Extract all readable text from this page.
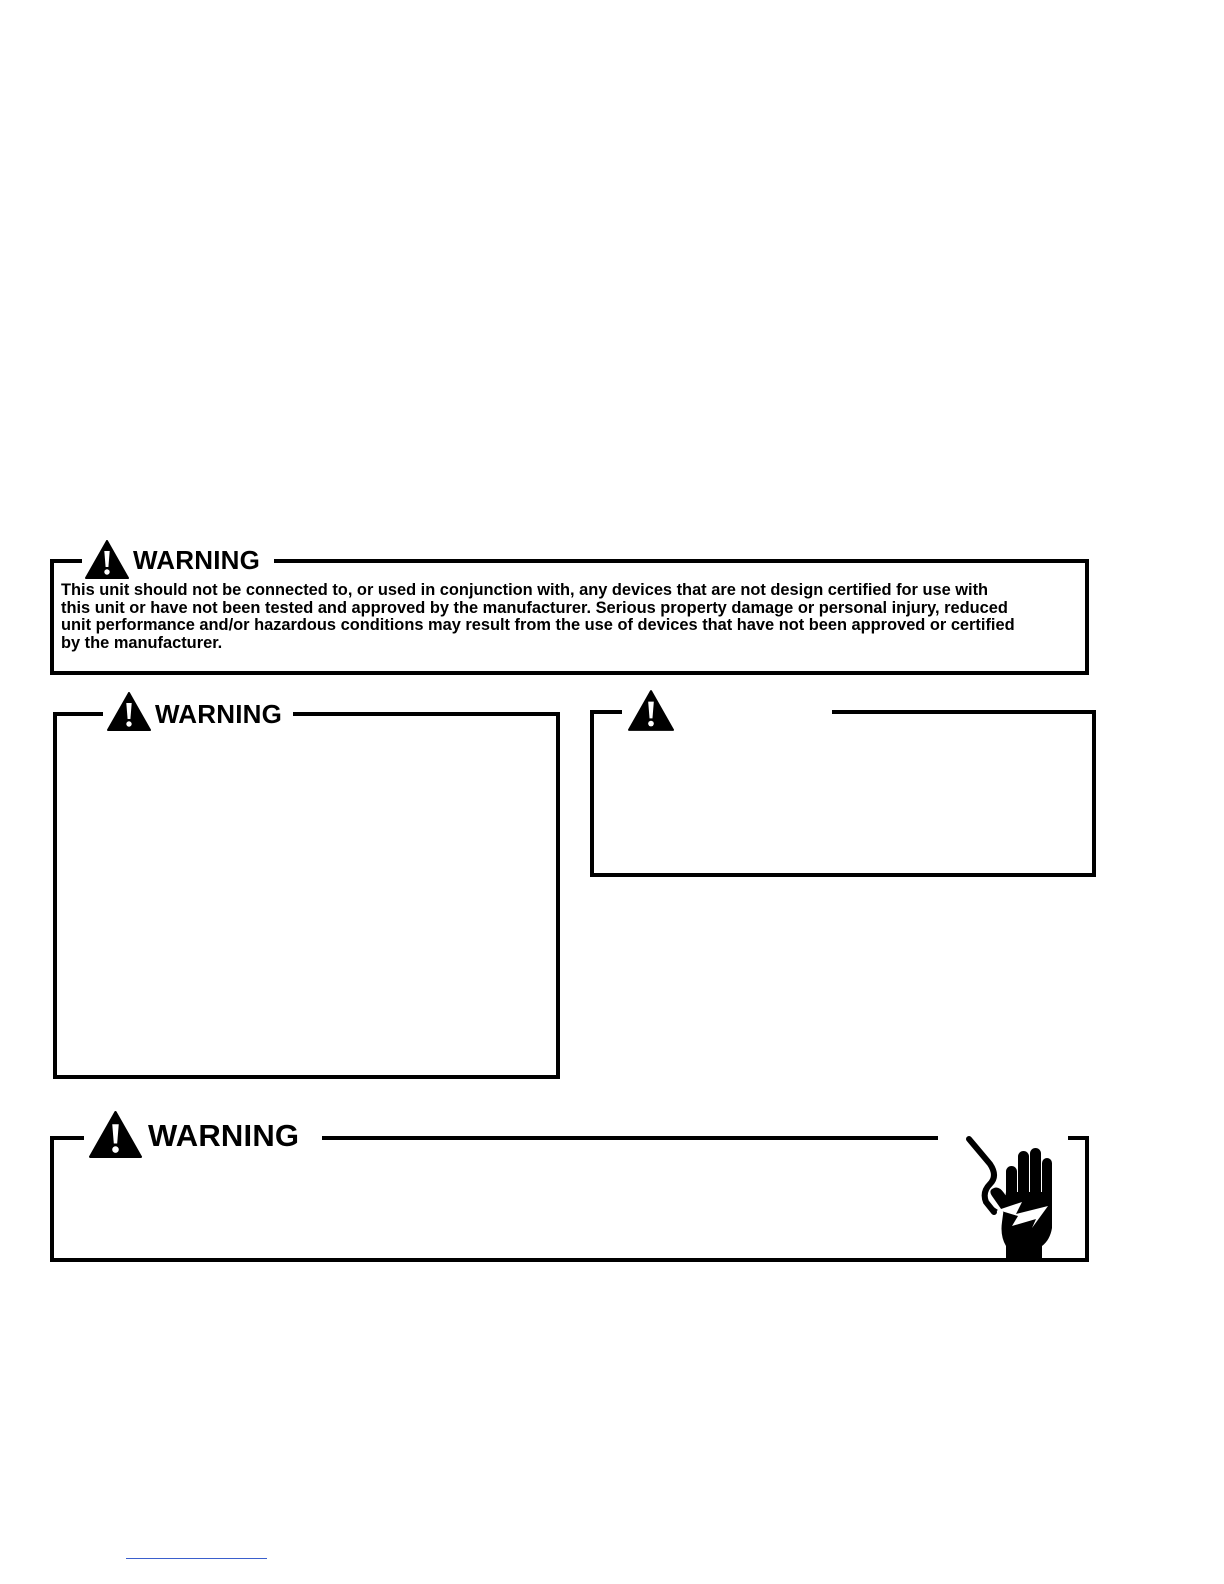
WARNING
This unit should not be connected to, or used in conjunction with, any devices that are not design certified for use with
this unit or have not been tested and approved by the manufacturer. Serious property damage or personal injury, reduced
unit performance and/or hazardous conditions may result from the use of devices that have not been approved or certified
by the manufacturer.
WARNING
WARNING
